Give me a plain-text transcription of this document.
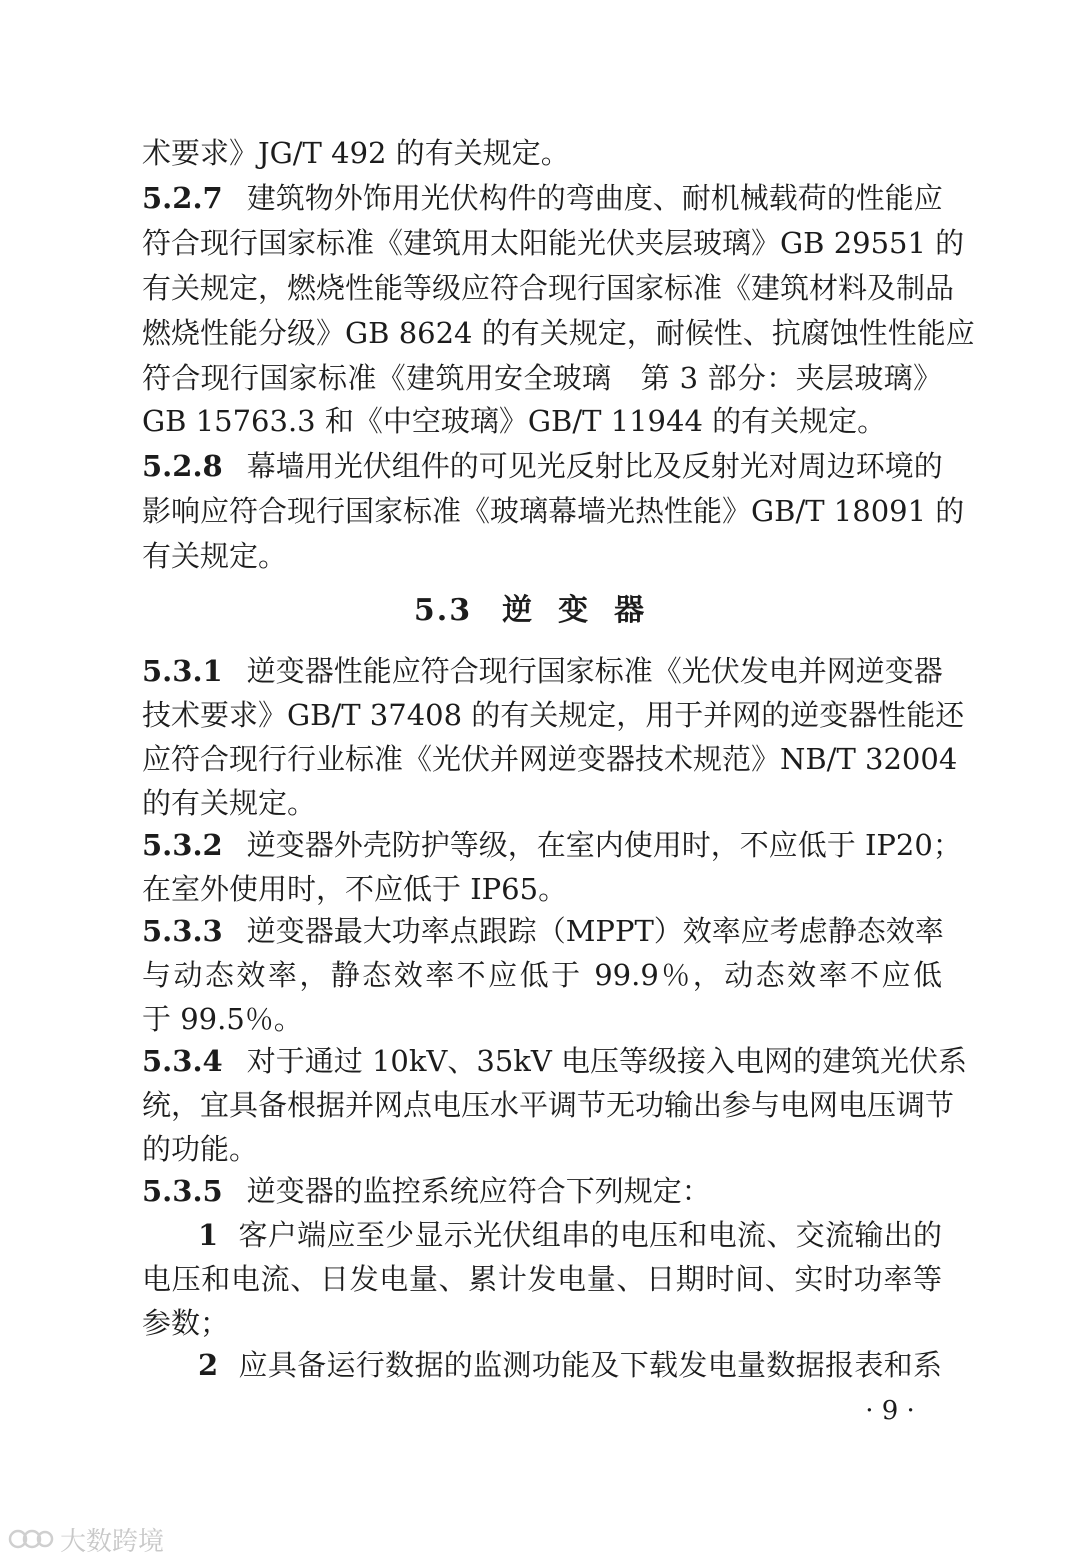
术要求》JG/T 492 的有关规定。
5.2.7 建筑物外饰用光伏构件的弯曲度、耐机械载荷的性能应
符合现行国家标准《建筑用太阳能光伏夹层玻璃》GB 29551 的
有关规定，燃烧性能等级应符合现行国家标准《建筑材料及制品
燃烧性能分级》GB 8624 的有关规定，耐候性、抗腐蚀性性能应
符合现行国家标准《建筑用安全玻璃　第 3 部分：夹层玻璃》
GB 15763.3 和《中空玻璃》GB/T 11944 的有关规定。
5.2.8 幕墙用光伏组件的可见光反射比及反射光对周边环境的
影响应符合现行国家标准《玻璃幕墙光热性能》GB/T 18091 的
有关规定。
5.3 逆变器
5.3.1 逆变器性能应符合现行国家标准《光伏发电并网逆变器
技术要求》GB/T 37408 的有关规定，用于并网的逆变器性能还
应符合现行行业标准《光伏并网逆变器技术规范》NB/T 32004
的有关规定。
5.3.2 逆变器外壳防护等级，在室内使用时，不应低于 IP20；
在室外使用时，不应低于 IP65。
5.3.3 逆变器最大功率点跟踪（MPPT）效率应考虑静态效率
与动态效率，静态效率不应低于 99.9％，动态效率不应低
于 99.5％。
5.3.4 对于通过 10kV、35kV 电压等级接入电网的建筑光伏系
统，宜具备根据并网点电压水平调节无功输出参与电网电压调节
的功能。
5.3.5 逆变器的监控系统应符合下列规定：
1 客户端应至少显示光伏组串的电压和电流、交流输出的
电压和电流、日发电量、累计发电量、日期时间、实时功率等
参数；
2 应具备运行数据的监测功能及下载发电量数据报表和系
· 9 ·
大数跨境
